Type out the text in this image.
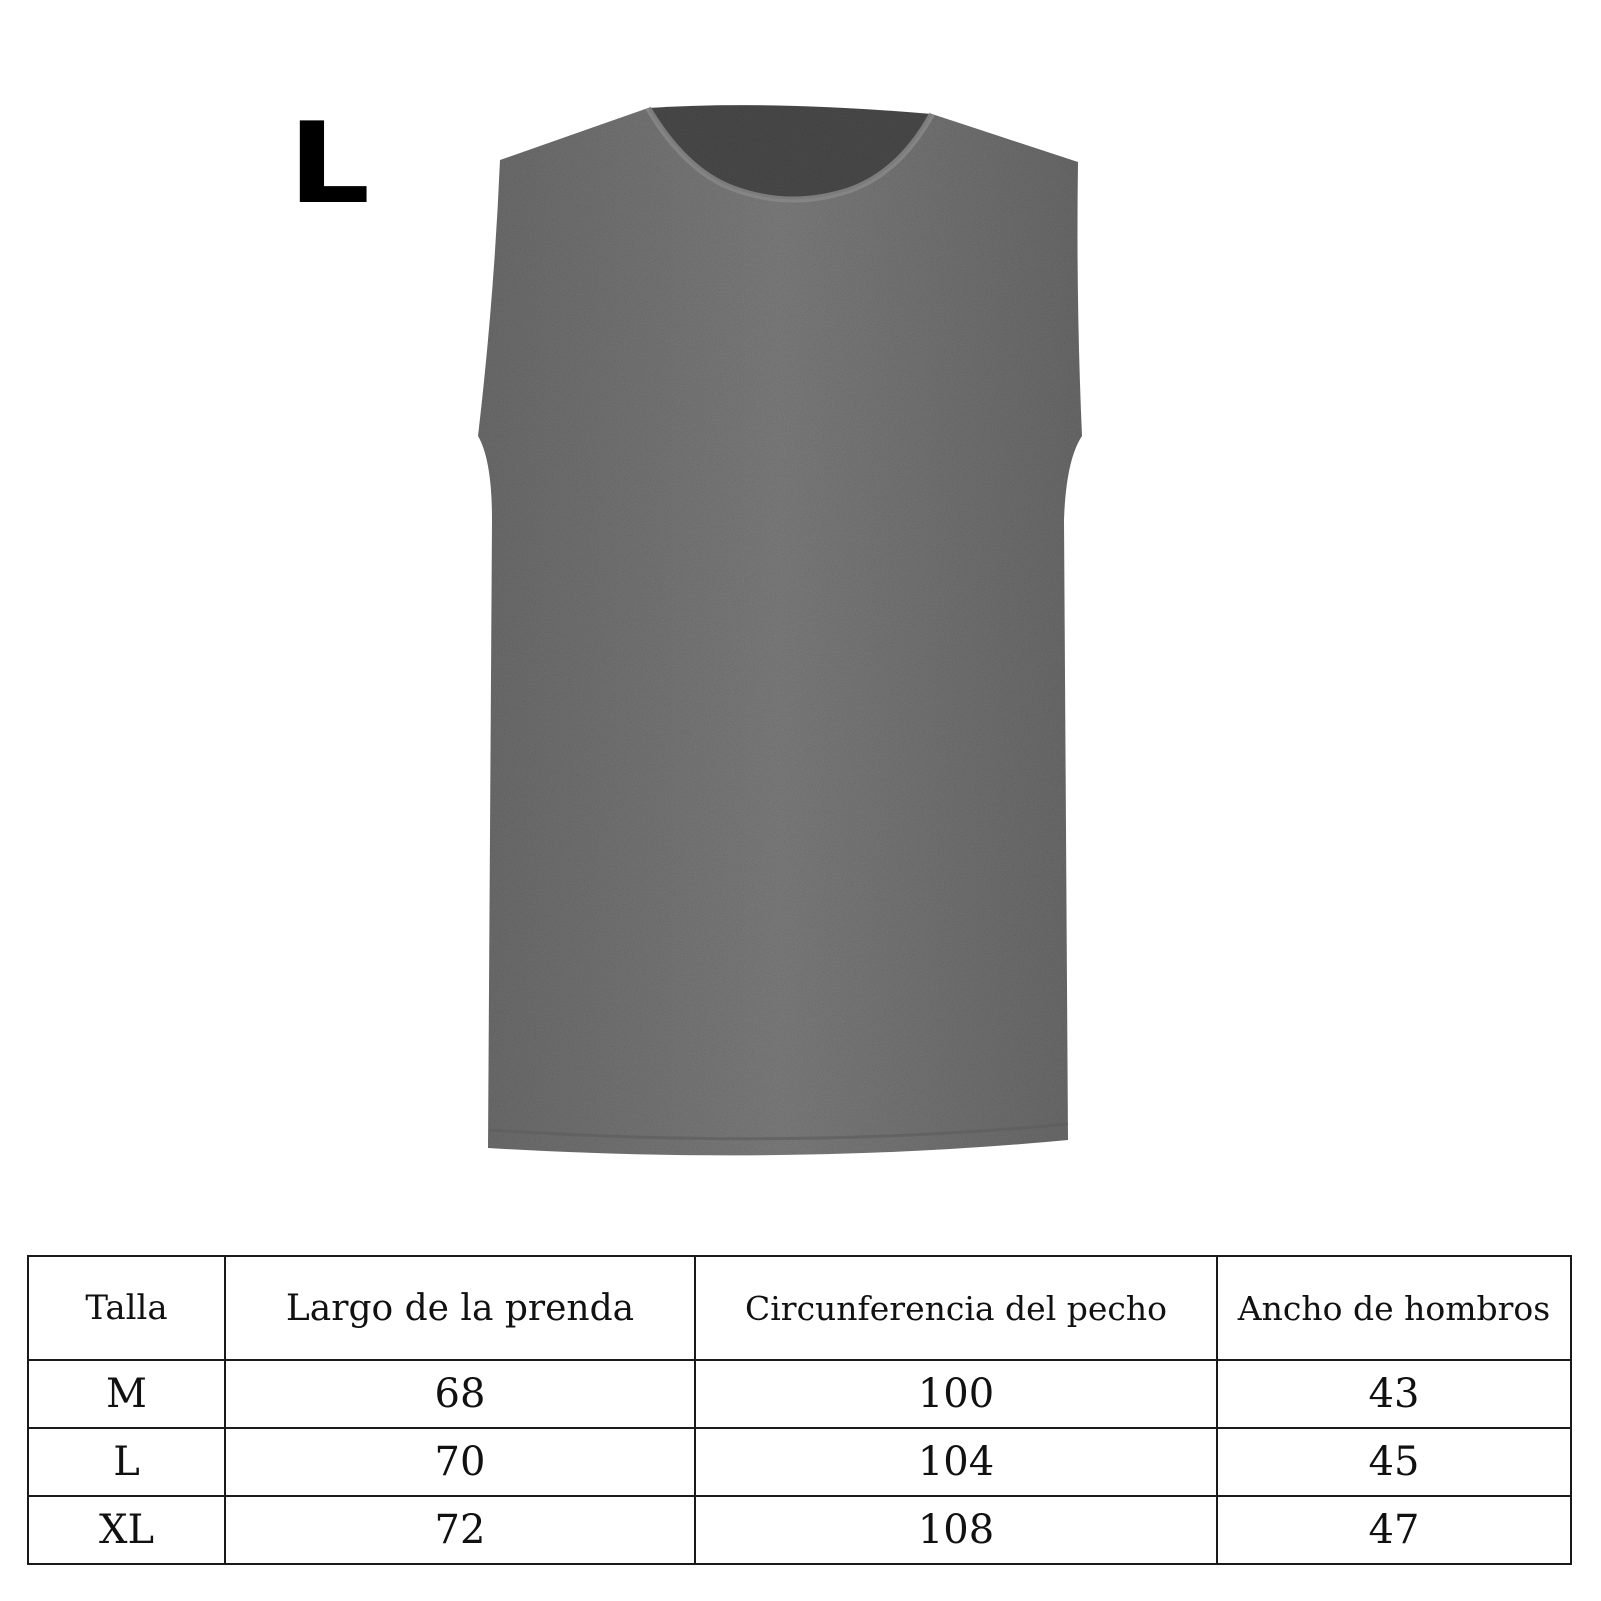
L
Talla	Largo de la prenda	Circunferencia del pecho	Ancho de hombros
M	68	100	43
L	70	104	45
XL	72	108	47
